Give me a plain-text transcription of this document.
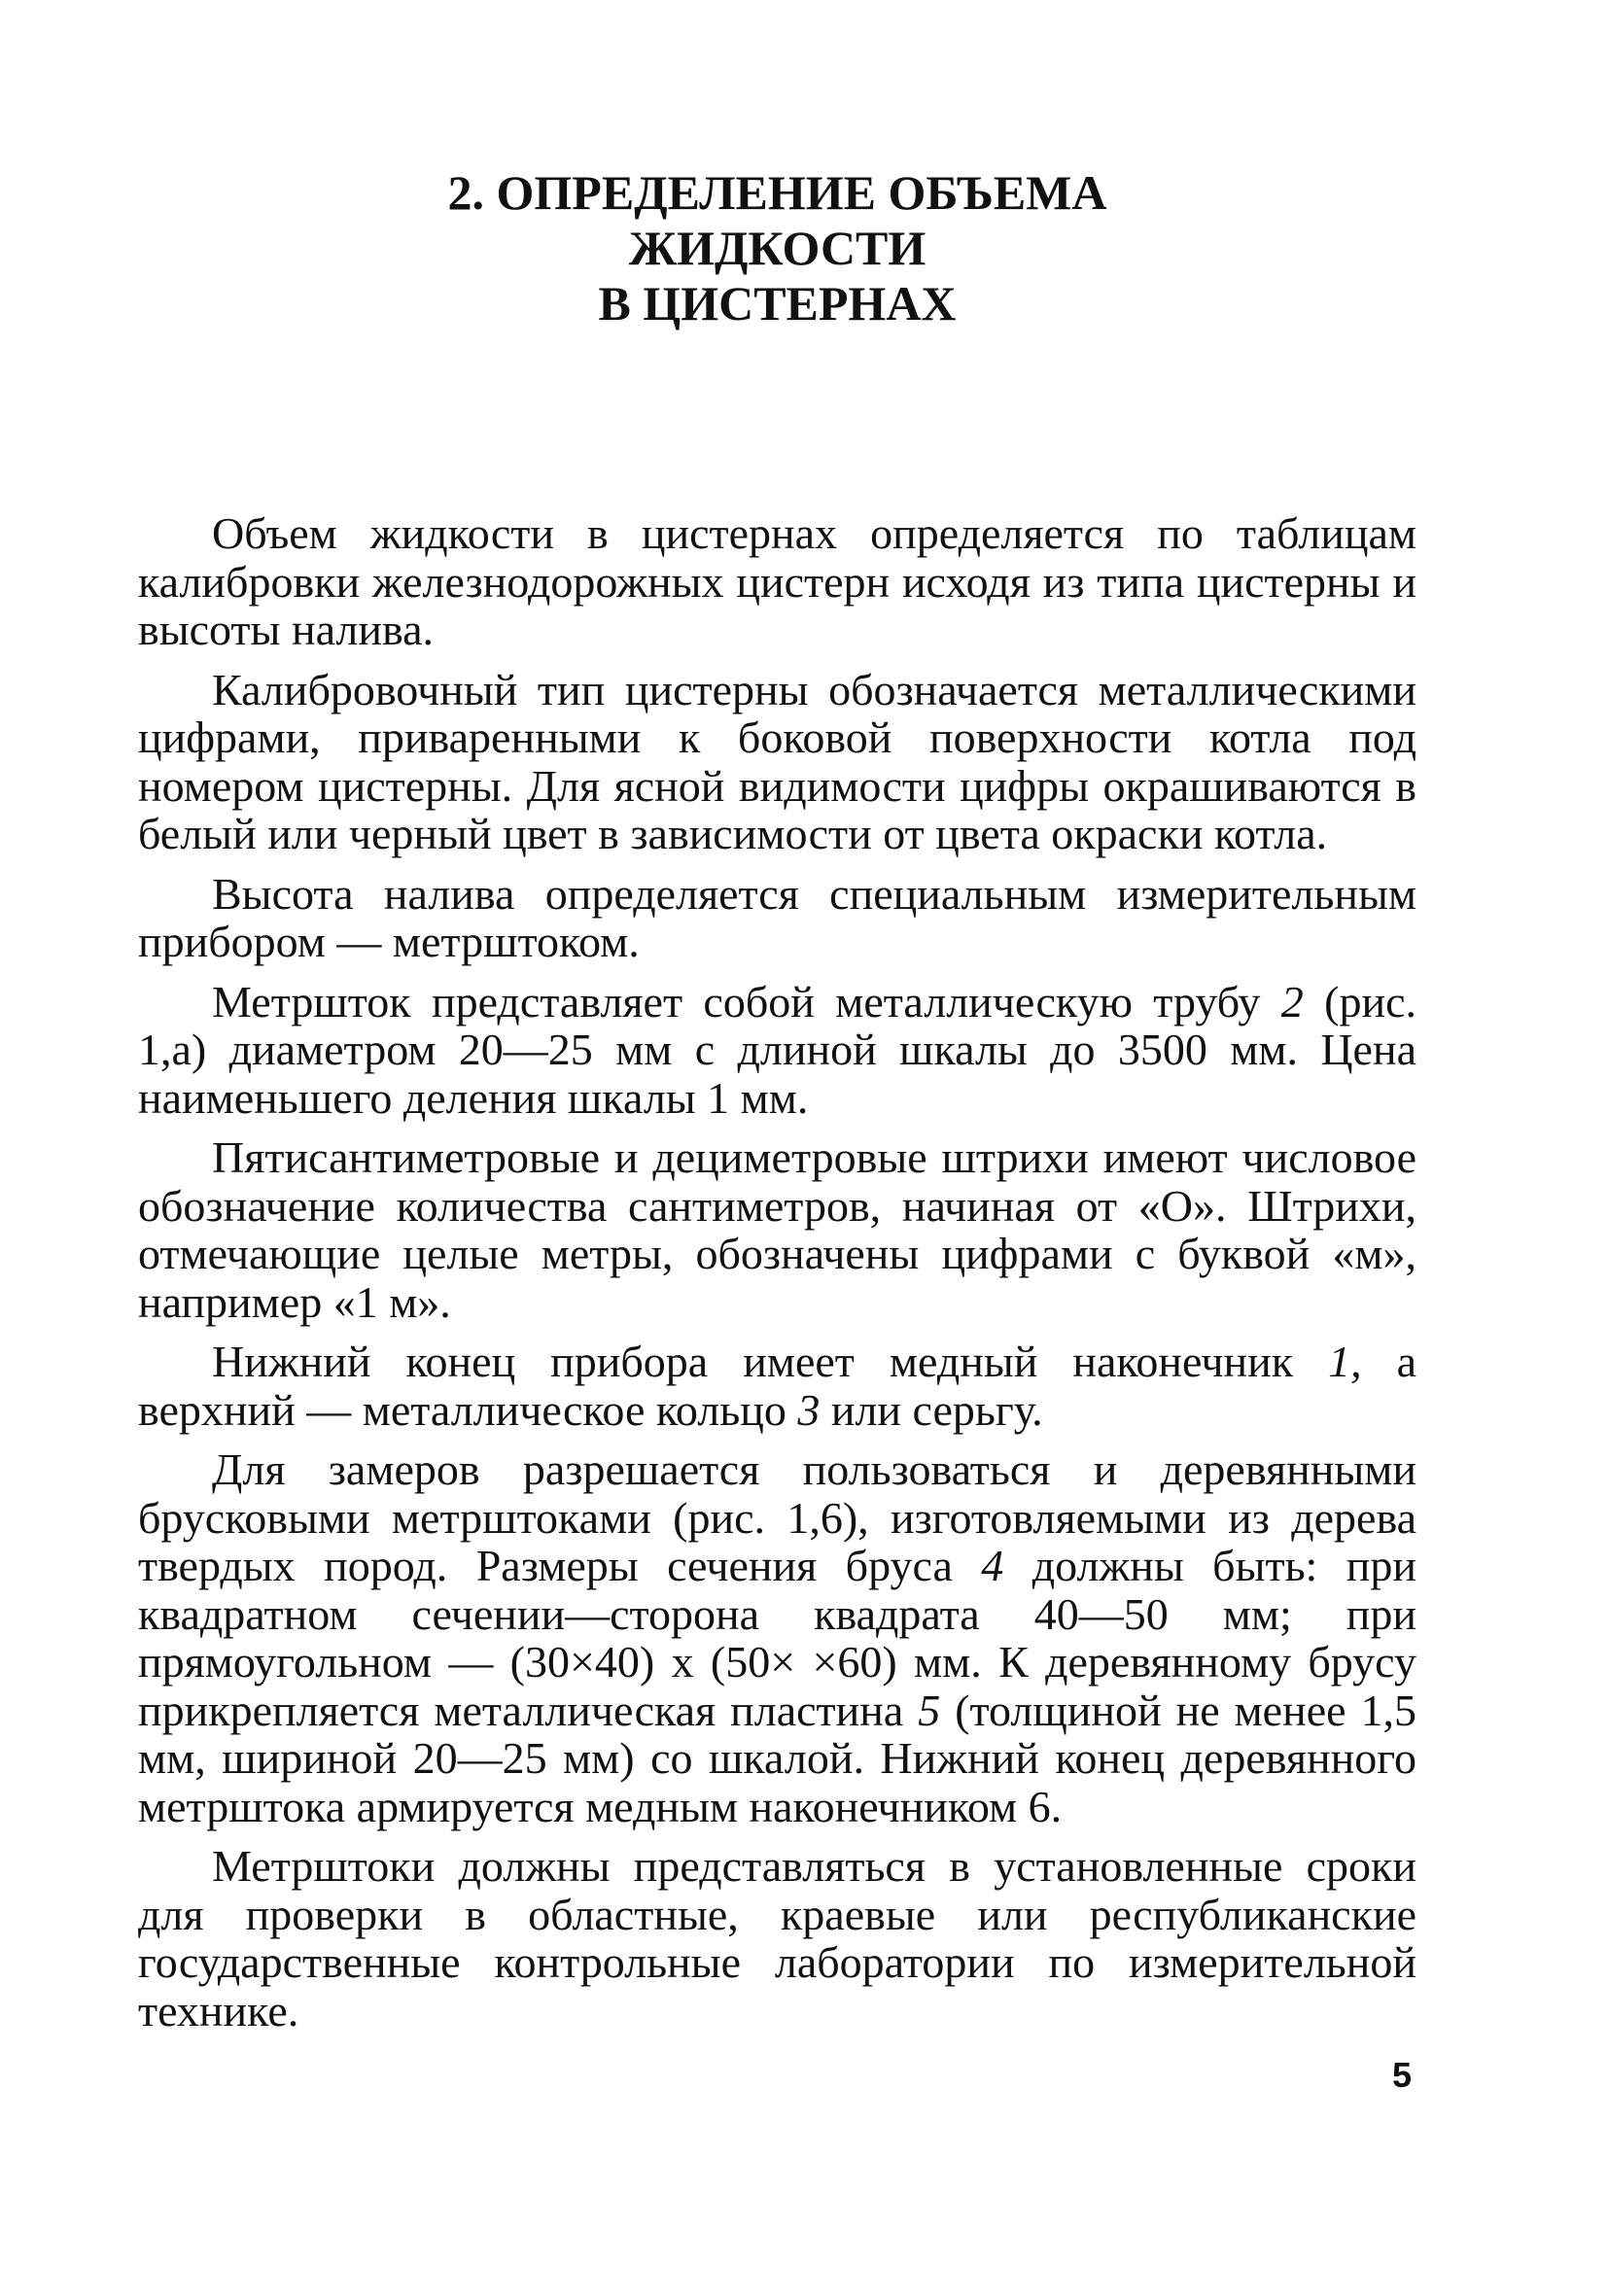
2. ОПРЕДЕЛЕНИЕ ОБЪЕМА
ЖИДКОСТИ
В ЦИСТЕРНАХ

Объем жидкости в цистернах определяется по таблицам калибровки железнодорожных цистерн исходя из типа цистерны и высоты налива.

Калибровочный тип цистерны обозначается металлическими цифрами, приваренными к боковой поверхности котла под номером цистерны. Для ясной видимости цифры окрашиваются в белый или черный цвет в зависимости от цвета окраски котла.

Высота налива определяется специальным измерительным прибором — метрштоком.

Метршток представляет собой металлическую трубу 2 (рис. 1,а) диаметром 20—25 мм с длиной шкалы до 3500 мм. Цена наименьшего деления шкалы 1 мм.

Пятисантиметровые и дециметровые штрихи имеют числовое обозначение количества сантиметров, начиная от «О». Штрихи, отмечающие целые метры, обозначены цифрами с буквой «м», например «1 м».

Нижний конец прибора имеет медный наконечник 1, а верхний — металлическое кольцо 3 или серьгу.

Для замеров разрешается пользоваться и деревянными брусковыми метрштоками (рис. 1,6), изготовляемыми из дерева твердых пород. Размеры сечения бруса 4 должны быть: при квадратном сечении—сторона квадрата 40—50 мм; при прямоугольном — (30×40) х (50× ×60) мм. К деревянному брусу прикрепляется металлическая пластина 5 (толщиной не менее 1,5 мм, шириной 20—25 мм) со шкалой. Нижний конец деревянного метрштока армируется медным наконечником 6.

Метрштоки должны представляться в установленные сроки для проверки в областные, краевые или республиканские государственные контрольные лаборатории по измерительной технике.

5
